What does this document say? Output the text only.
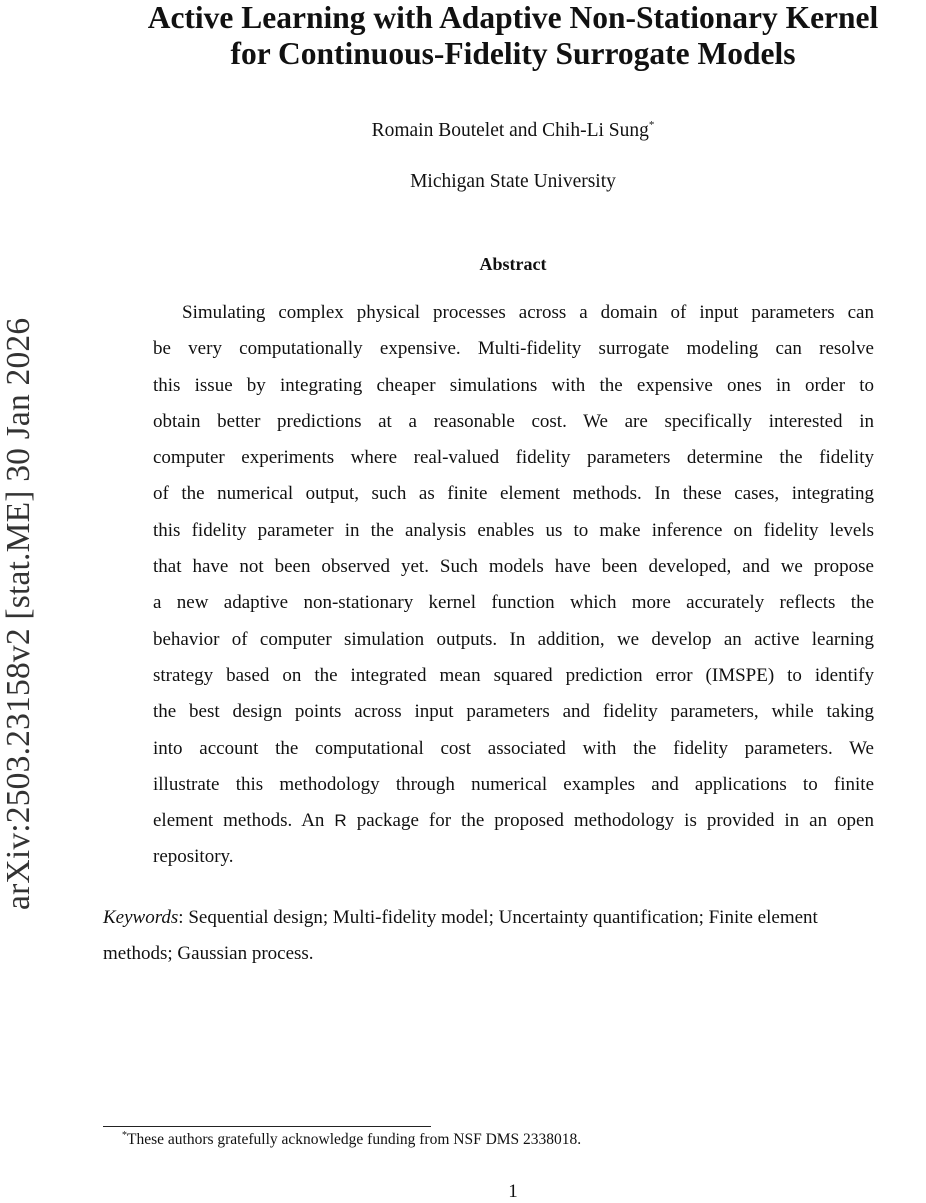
arXiv:2503.23158v2 [stat.ME] 30 Jan 2026
Active Learning with Adaptive Non-Stationary Kernel
for Continuous-Fidelity Surrogate Models
Romain Boutelet and Chih-Li Sung*
Michigan State University
Abstract
Simulating complex physical processes across a domain of input parameters can
be very computationally expensive. Multi-fidelity surrogate modeling can resolve
this issue by integrating cheaper simulations with the expensive ones in order to
obtain better predictions at a reasonable cost. We are specifically interested in
computer experiments where real-valued fidelity parameters determine the fidelity
of the numerical output, such as finite element methods. In these cases, integrating
this fidelity parameter in the analysis enables us to make inference on fidelity levels
that have not been observed yet. Such models have been developed, and we propose
a new adaptive non-stationary kernel function which more accurately reflects the
behavior of computer simulation outputs. In addition, we develop an active learning
strategy based on the integrated mean squared prediction error (IMSPE) to identify
the best design points across input parameters and fidelity parameters, while taking
into account the computational cost associated with the fidelity parameters. We
illustrate this methodology through numerical examples and applications to finite
element methods. An R package for the proposed methodology is provided in an open
repository.
Keywords: Sequential design; Multi-fidelity model; Uncertainty quantification; Finite element
methods; Gaussian process.
*These authors gratefully acknowledge funding from NSF DMS 2338018.
1
